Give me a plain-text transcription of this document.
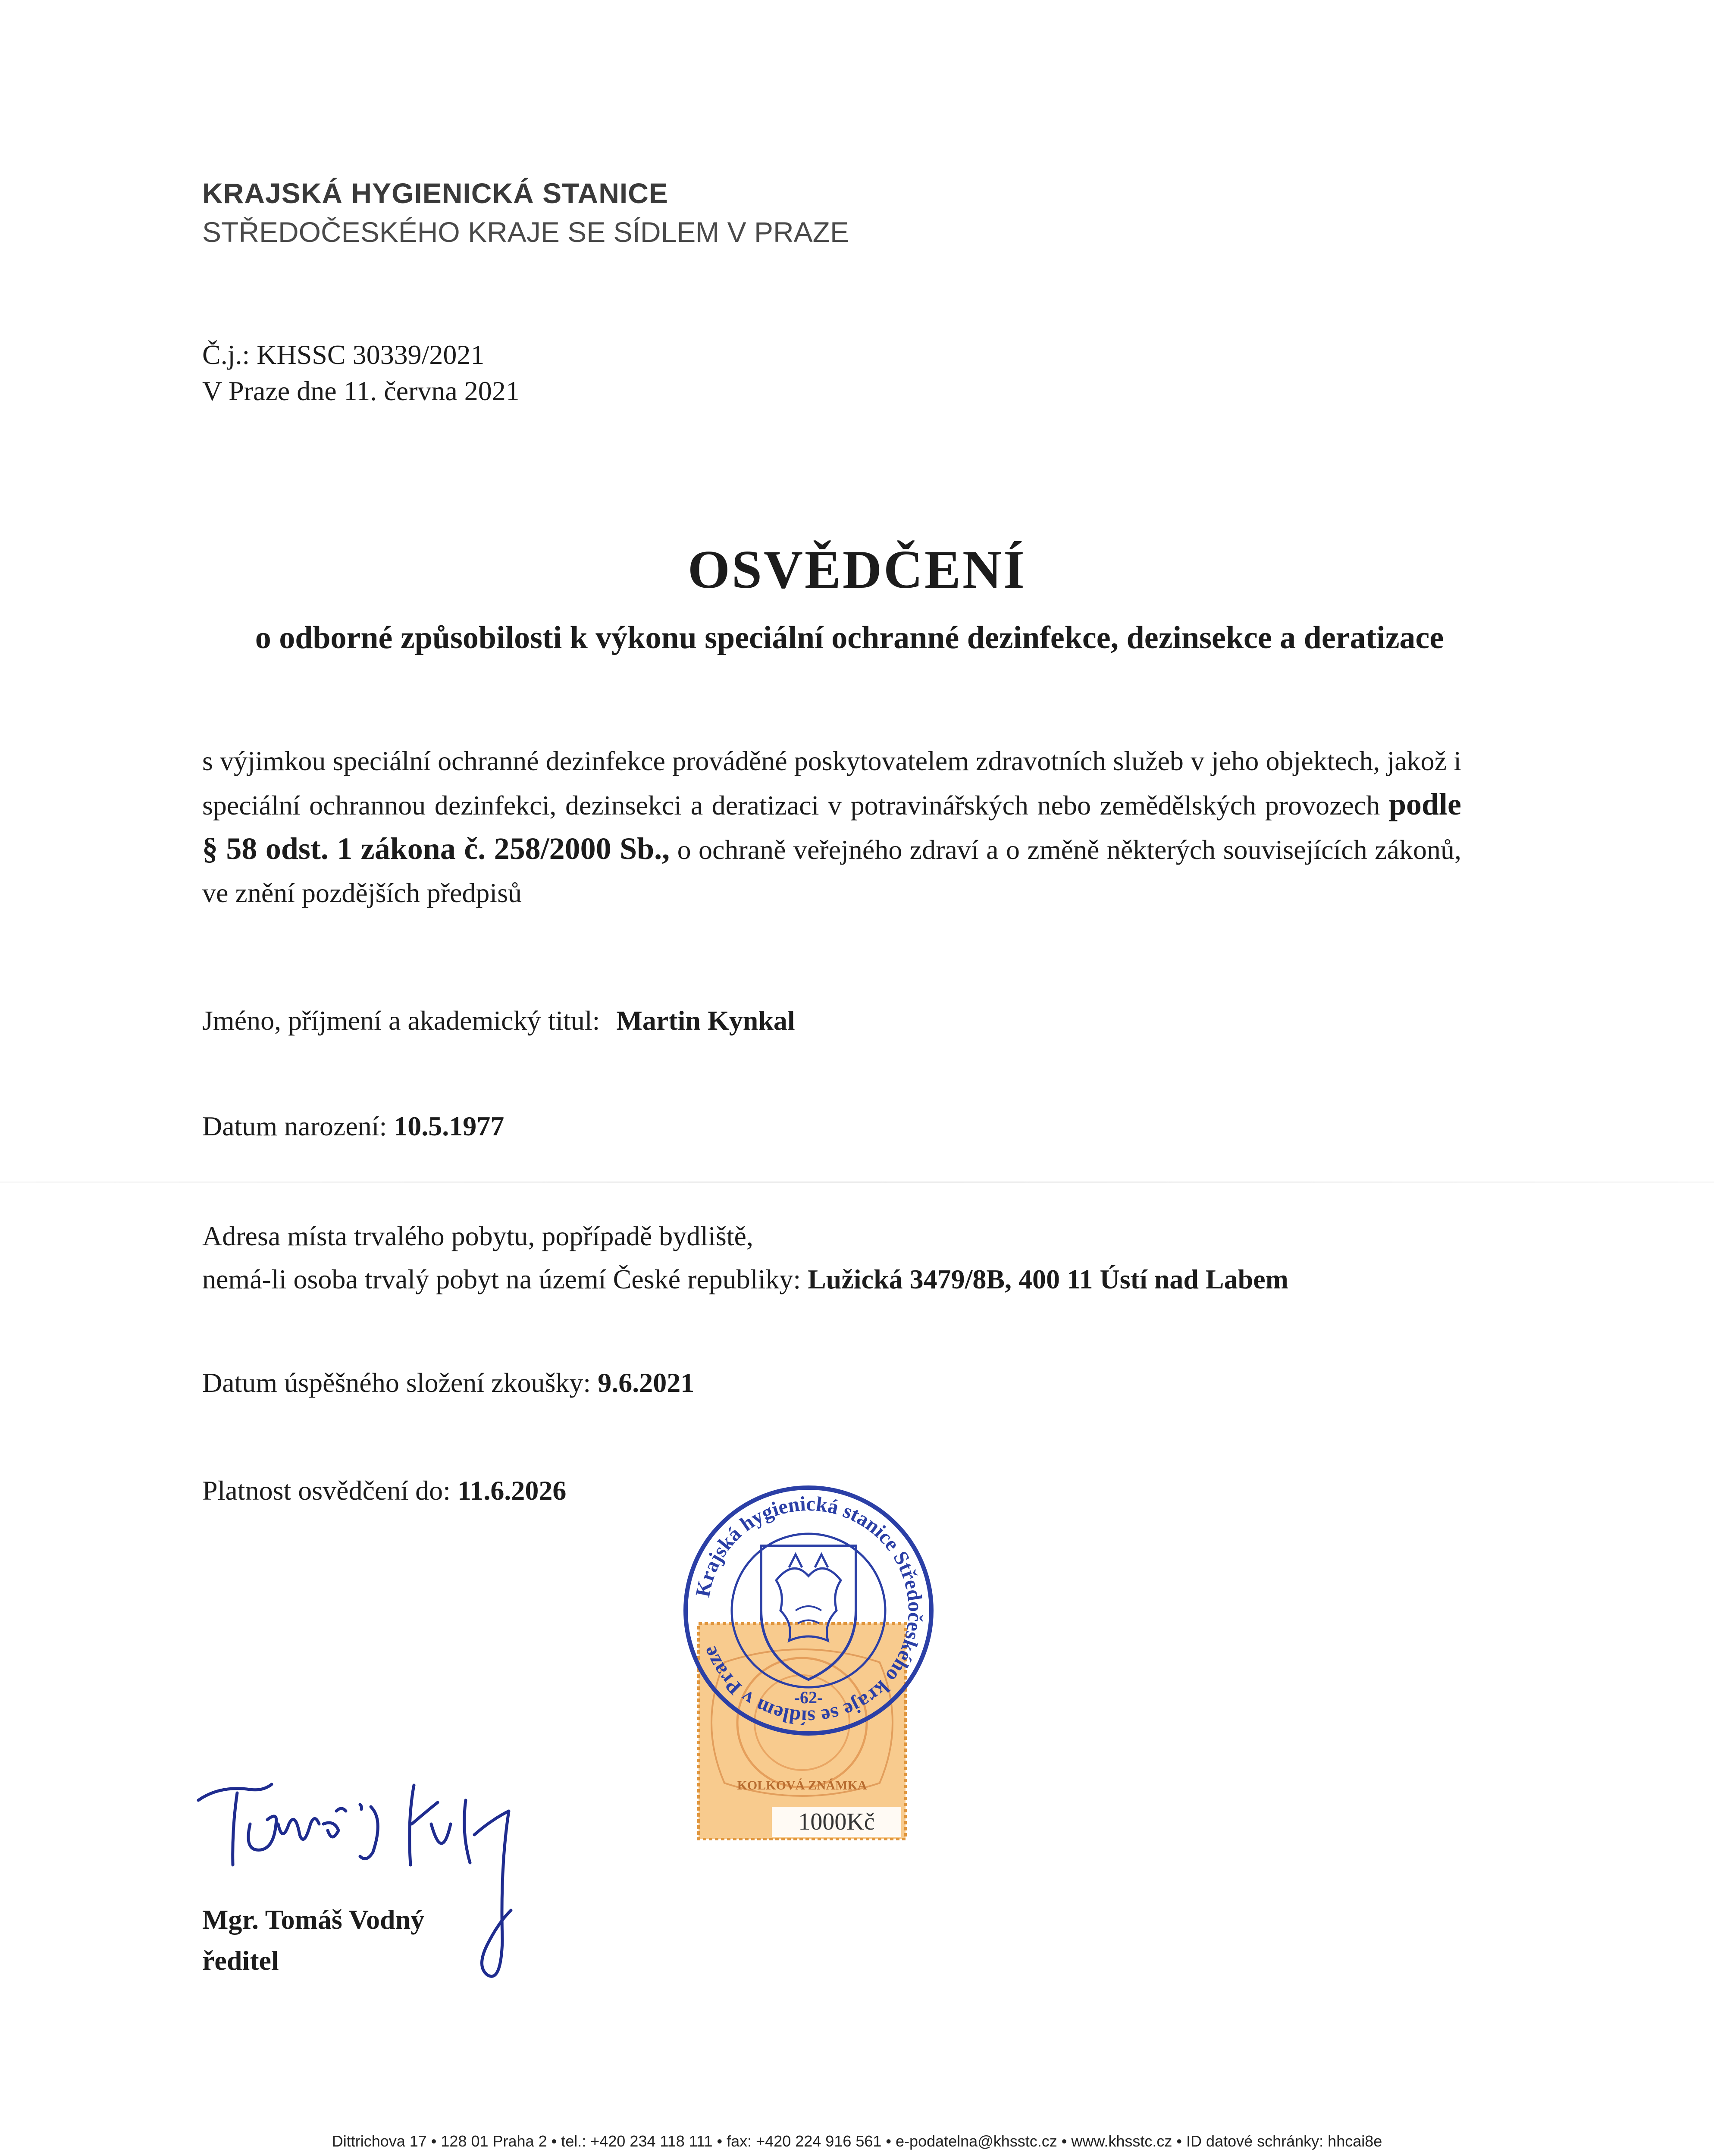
KRAJSKÁ HYGIENICKÁ STANICE
STŘEDOČESKÉHO KRAJE SE SÍDLEM V PRAZE
Č.j.: KHSSC 30339/2021
V Praze dne 11. června 2021
OSVĚDČENÍ
o odborné způsobilosti k výkonu speciální ochranné dezinfekce, dezinsekce a deratizace
s výjimkou speciální ochranné dezinfekce prováděné poskytovatelem zdravotních služeb v jeho objektech, jakož i speciální ochrannou dezinfekci, dezinsekci a deratizaci v potravinářských nebo zemědělských provozech podle § 58 odst. 1 zákona č. 258/2000 Sb., o ochraně veřejného zdraví a o změně některých souvisejících zákonů, ve znění pozdějších předpisů
Jméno, příjmení a akademický titul: Martin Kynkal
Datum narození: 10.5.1977
Adresa místa trvalého pobytu, popřípadě bydliště,
nemá-li osoba trvalý pobyt na území České republiky: Lužická 3479/8B, 400 11 Ústí nad Labem
Datum úspěšného složení zkoušky: 9.6.2021
Platnost osvědčení do: 11.6.2026
KOLKOVÁ ZNÁMKA
1000Kč
Krajská hygienická stanice Středočeského kraje se sídlem v Praze
-62-
Mgr. Tomáš Vodný
ředitel
Dittrichova 17 • 128 01 Praha 2 • tel.: +420 234 118 111 • fax: +420 224 916 561 • e-podatelna@khsstc.cz • www.khsstc.cz • ID datové schránky: hhcai8e
